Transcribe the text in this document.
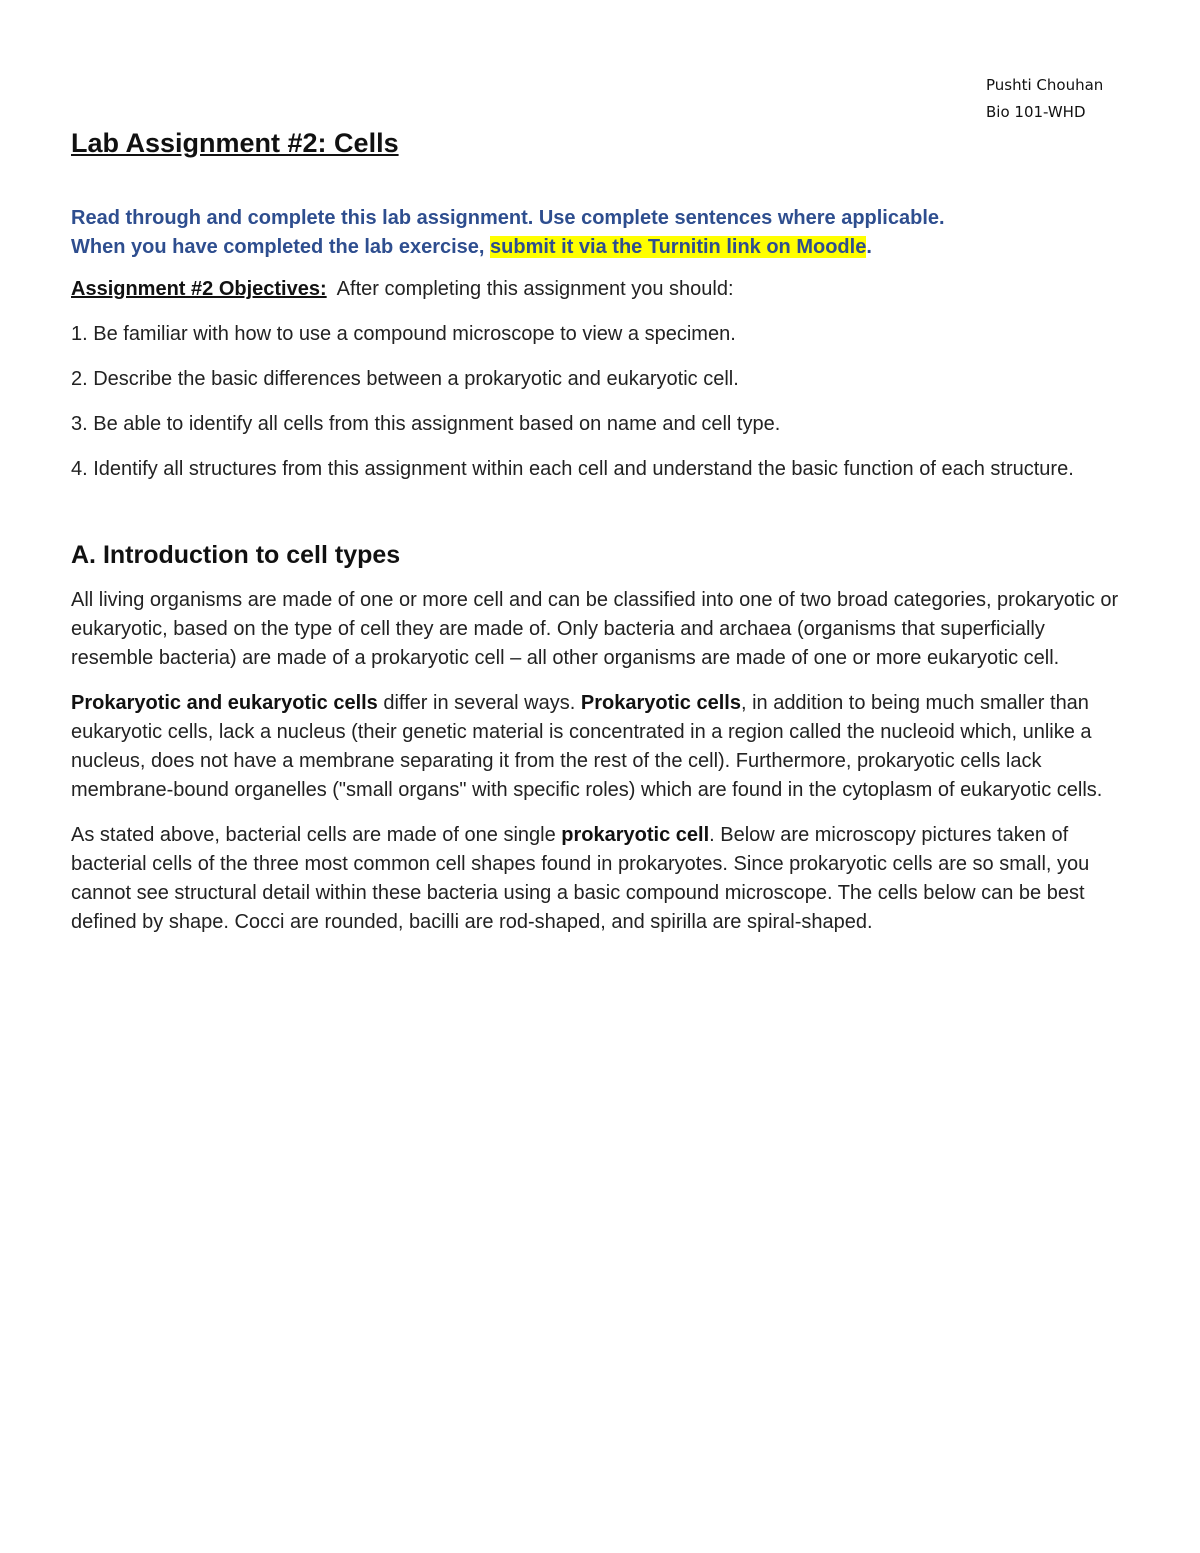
Pushti Chouhan
Bio 101-WHD
Lab Assignment #2: Cells

Read through and complete this lab assignment. Use complete sentences where applicable.
When you have completed the lab exercise, submit it via the Turnitin link on Moodle.

Assignment #2 Objectives:  After completing this assignment you should:

1. Be familiar with how to use a compound microscope to view a specimen.

2. Describe the basic differences between a prokaryotic and eukaryotic cell.

3. Be able to identify all cells from this assignment based on name and cell type.

4. Identify all structures from this assignment within each cell and understand the basic function of each structure.

A. Introduction to cell types

All living organisms are made of one or more cell and can be classified into one of two broad categories, prokaryotic or eukaryotic, based on the type of cell they are made of. Only bacteria and archaea (organisms that superficially resemble bacteria) are made of a prokaryotic cell – all other organisms are made of one or more eukaryotic cell.

Prokaryotic and eukaryotic cells differ in several ways. Prokaryotic cells, in addition to being much smaller than eukaryotic cells, lack a nucleus (their genetic material is concentrated in a region called the nucleoid which, unlike a nucleus, does not have a membrane separating it from the rest of the cell). Furthermore, prokaryotic cells lack membrane-bound organelles ("small organs" with specific roles) which are found in the cytoplasm of eukaryotic cells.

As stated above, bacterial cells are made of one single prokaryotic cell. Below are microscopy pictures taken of bacterial cells of the three most common cell shapes found in prokaryotes. Since prokaryotic cells are so small, you cannot see structural detail within these bacteria using a basic compound microscope. The cells below can be best defined by shape. Cocci are rounded, bacilli are rod-shaped, and spirilla are spiral-shaped.
